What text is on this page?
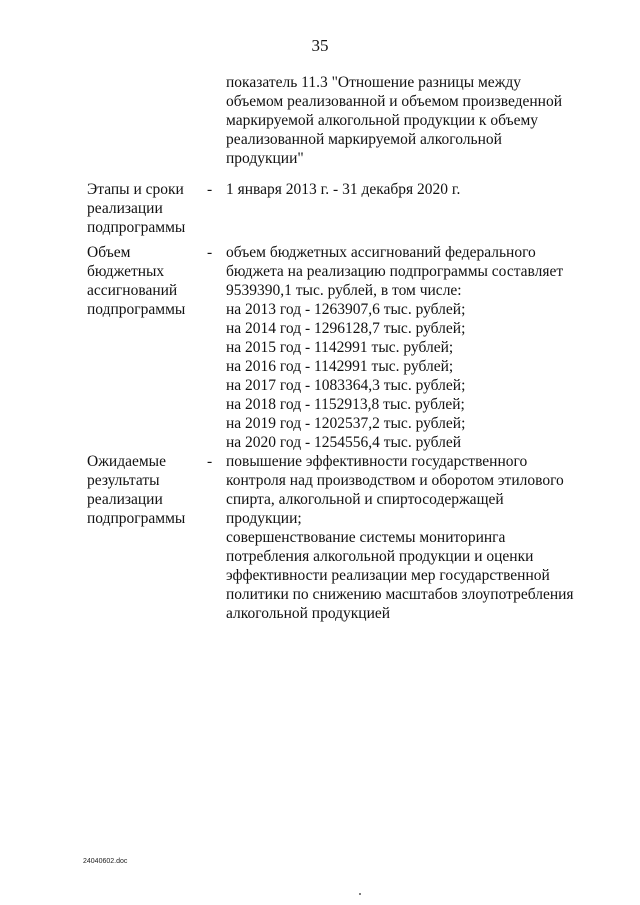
35
показатель 11.3 "Отношение разницы между
объемом реализованной и объемом произведенной
маркируемой алкогольной продукции к объему
реализованной маркируемой алкогольной
продукции"
Этапы и сроки
реализации
подпрограммы
- 1 января 2013 г. - 31 декабря 2020 г.
Объем
бюджетных
ассигнований
подпрограммы
- объем бюджетных ассигнований федерального
бюджета на реализацию подпрограммы составляет
9539390,1 тыс. рублей, в том числе:
на 2013 год - 1263907,6 тыс. рублей;
на 2014 год - 1296128,7 тыс. рублей;
на 2015 год - 1142991 тыс. рублей;
на 2016 год - 1142991 тыс. рублей;
на 2017 год - 1083364,3 тыс. рублей;
на 2018 год - 1152913,8 тыс. рублей;
на 2019 год - 1202537,2 тыс. рублей;
на 2020 год - 1254556,4 тыс. рублей
Ожидаемые
результаты
реализации
подпрограммы
- повышение эффективности государственного
контроля над производством и оборотом этилового
спирта, алкогольной и спиртосодержащей
продукции;
совершенствование системы мониторинга
потребления алкогольной продукции и оценки
эффективности реализации мер государственной
политики по снижению масштабов злоупотребления
алкогольной продукцией
24040602.doc
